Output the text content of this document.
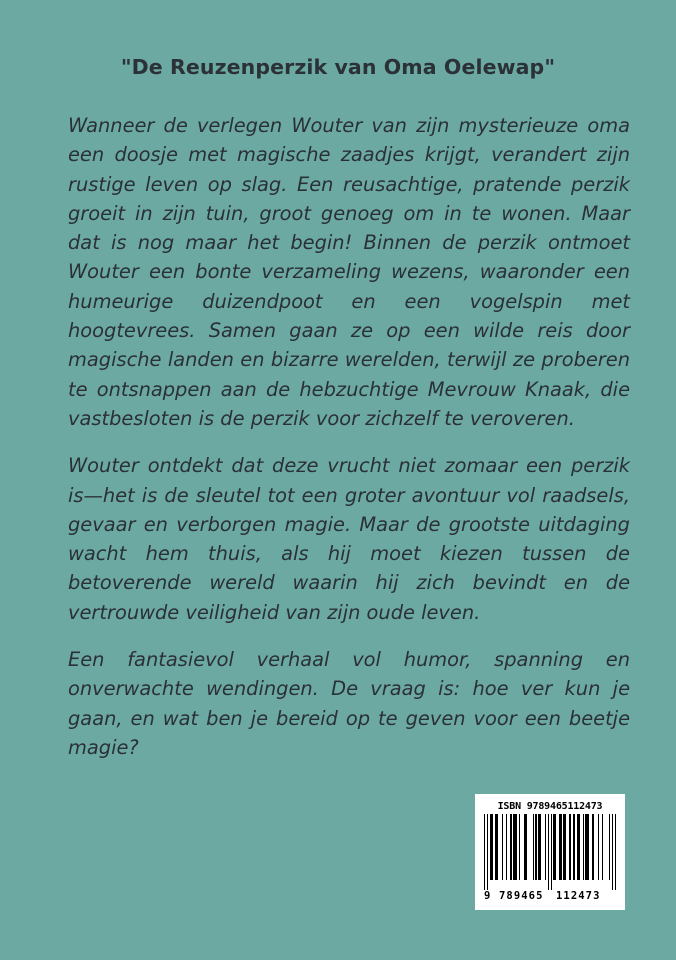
"De Reuzenperzik van Oma Oelewap"

Wanneer de verlegen Wouter van zijn mysterieuze oma een doosje met magische zaadjes krijgt, verandert zijn rustige leven op slag. Een reusachtige, pratende perzik groeit in zijn tuin, groot genoeg om in te wonen. Maar dat is nog maar het begin! Binnen de perzik ontmoet Wouter een bonte verzameling wezens, waaronder een humeurige duizendpoot en een vogelspin met hoogtevrees. Samen gaan ze op een wilde reis door magische landen en bizarre werelden, terwijl ze proberen te ontsnappen aan de hebzuchtige Mevrouw Knaak, die vastbesloten is de perzik voor zichzelf te veroveren.

Wouter ontdekt dat deze vrucht niet zomaar een perzik is—het is de sleutel tot een groter avontuur vol raadsels, gevaar en verborgen magie. Maar de grootste uitdaging wacht hem thuis, als hij moet kiezen tussen de betoverende wereld waarin hij zich bevindt en de vertrouwde veiligheid van zijn oude leven.

Een fantasievol verhaal vol humor, spanning en onverwachte wendingen. De vraag is: hoe ver kun je gaan, en wat ben je bereid op te geven voor een beetje magie?

ISBN 9789465112473
9 789465 112473
